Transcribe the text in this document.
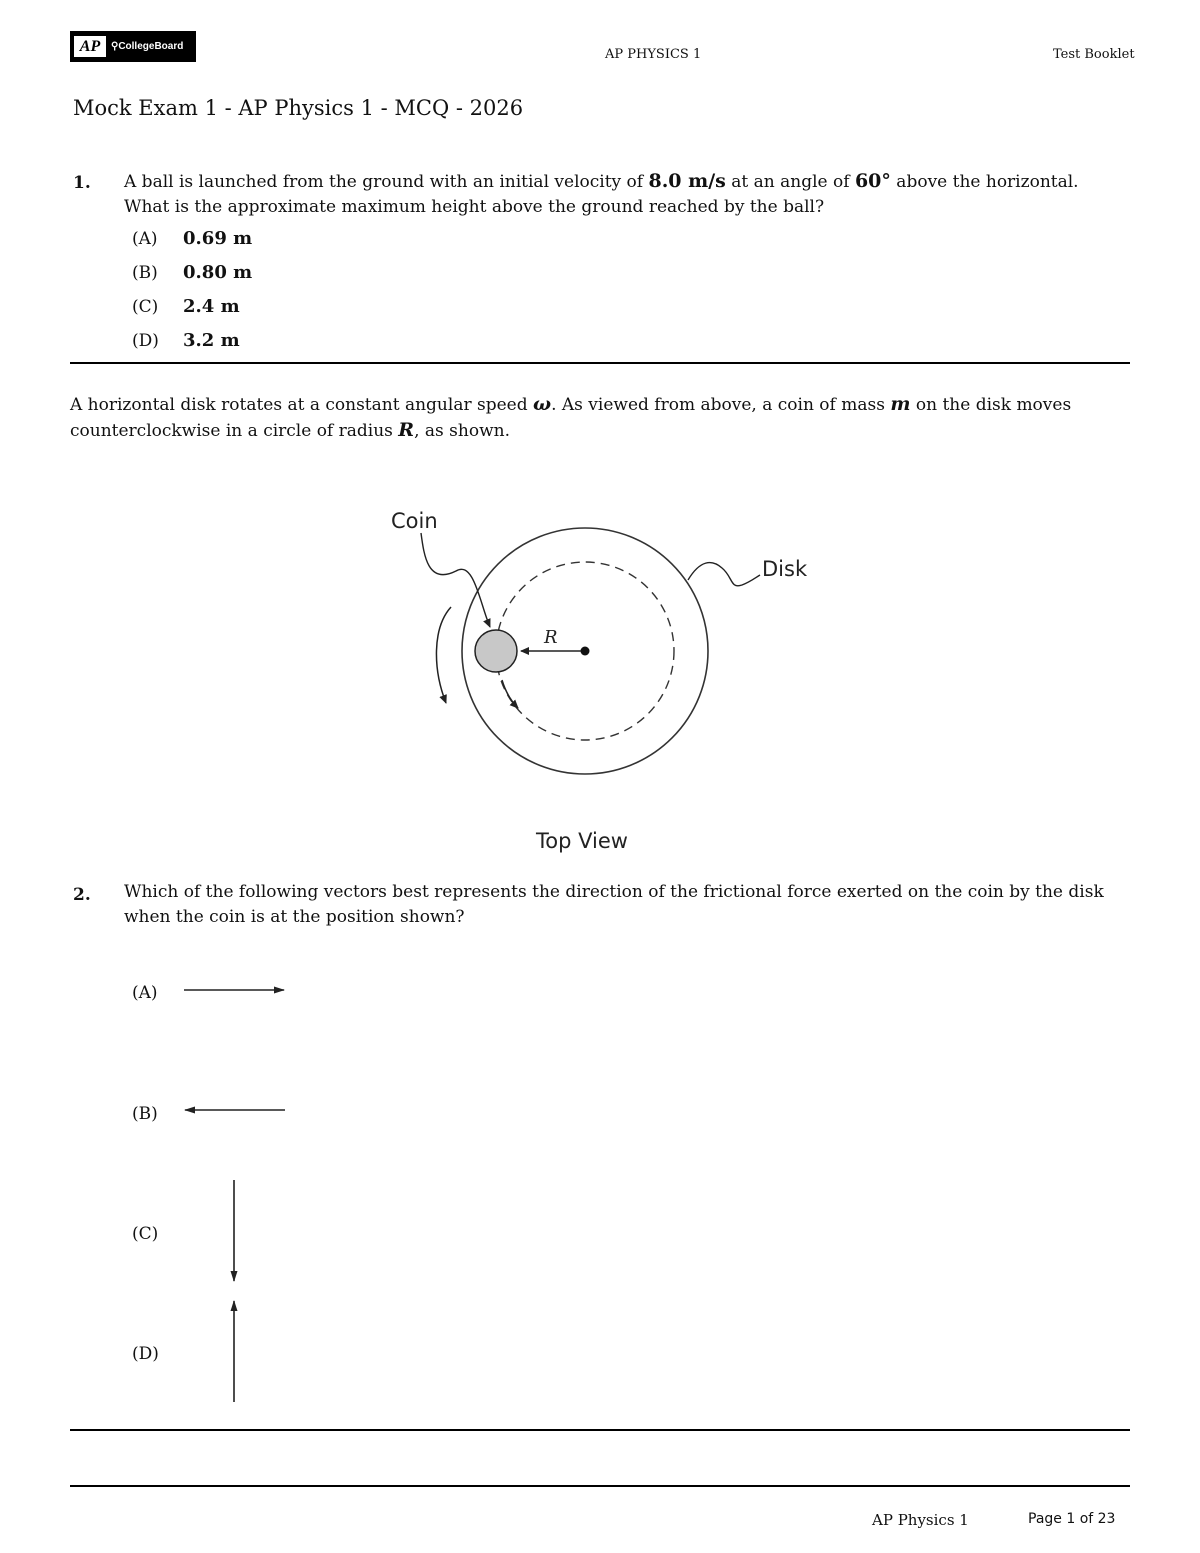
AP	⚲CollegeBoard
AP PHYSICS 1	Test Booklet
Mock Exam 1 - AP Physics 1 - MCQ - 2026
1. A ball is launched from the ground with an initial velocity of 8.0 m/s at an angle of 60° above the horizontal.
What is the approximate maximum height above the ground reached by the ball?
(A) 0.69 m
(B) 0.80 m
(C) 2.4 m
(D) 3.2 m
A horizontal disk rotates at a constant angular speed ω. As viewed from above, a coin of mass m on the disk moves
counterclockwise in a circle of radius R, as shown.
Coin
Disk
R
Top View
2. Which of the following vectors best represents the direction of the frictional force exerted on the coin by the disk
when the coin is at the position shown?
(A)
(B)
(C)
(D)
AP Physics 1	Page 1 of 23
